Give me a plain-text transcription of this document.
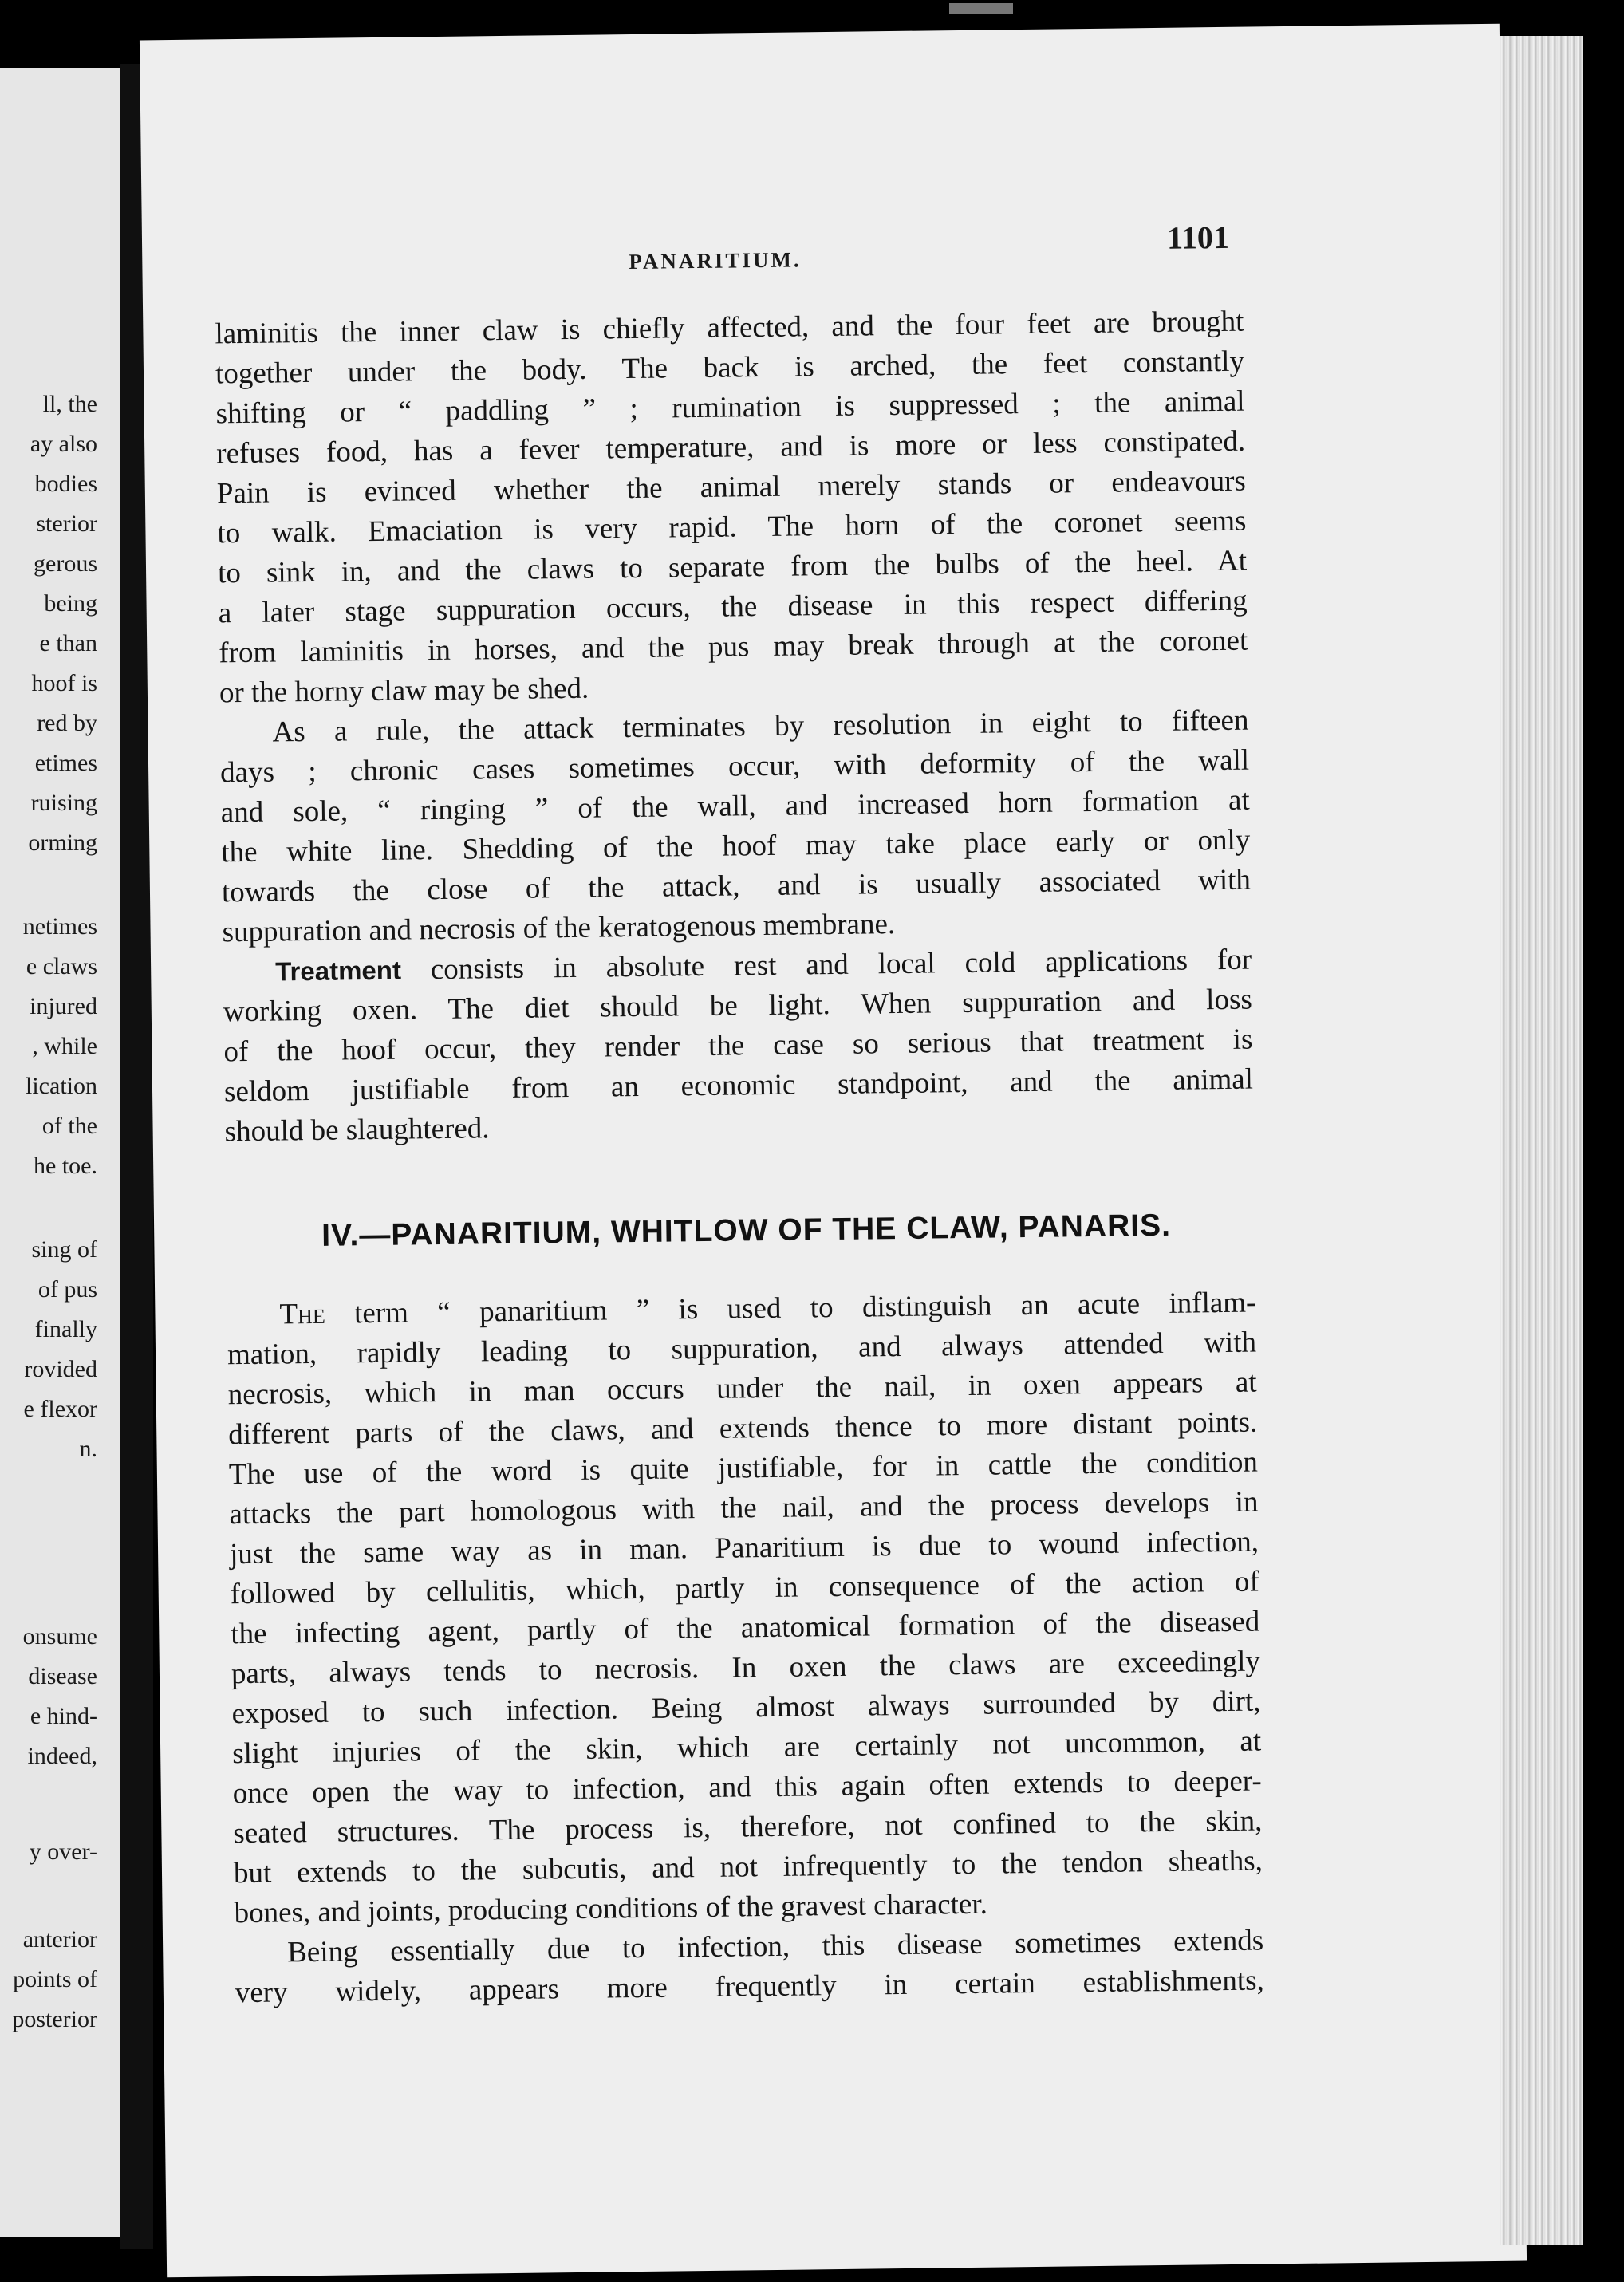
ll, the
ay also
bodies
sterior
gerous
being
e than
hoof is
red by
etimes
ruising
orming
netimes
e claws
injured
, while
lication
of the
he toe.
sing of
of pus
finally
rovided
e flexor
n.
onsume
disease
e hind-
indeed,
y over-
anterior
points of
posterior
PANARITIUM.
1101
laminitis the inner claw is chiefly affected, and the four feet are brought
together under the body. The back is arched, the feet constantly
shifting or “ paddling ” ; rumination is suppressed ; the animal
refuses food, has a fever temperature, and is more or less constipated.
Pain is evinced whether the animal merely stands or endeavours
to walk. Emaciation is very rapid. The horn of the coronet seems
to sink in, and the claws to separate from the bulbs of the heel. At
a later stage suppuration occurs, the disease in this respect differing
from laminitis in horses, and the pus may break through at the coronet
or the horny claw may be shed.
As a rule, the attack terminates by resolution in eight to fifteen
days ; chronic cases sometimes occur, with deformity of the wall
and sole, “ ringing ” of the wall, and increased horn formation at
the white line. Shedding of the hoof may take place early or only
towards the close of the attack, and is usually associated with
suppuration and necrosis of the keratogenous membrane.
Treatment consists in absolute rest and local cold applications for
working oxen. The diet should be light. When suppuration and loss
of the hoof occur, they render the case so serious that treatment is
seldom justifiable from an economic standpoint, and the animal
should be slaughtered.
IV.—PANARITIUM, WHITLOW OF THE CLAW, PANARIS.
The term “ panaritium ” is used to distinguish an acute inflam-
mation, rapidly leading to suppuration, and always attended with
necrosis, which in man occurs under the nail, in oxen appears at
different parts of the claws, and extends thence to more distant points.
The use of the word is quite justifiable, for in cattle the condition
attacks the part homologous with the nail, and the process develops in
just the same way as in man. Panaritium is due to wound infection,
followed by cellulitis, which, partly in consequence of the action of
the infecting agent, partly of the anatomical formation of the diseased
parts, always tends to necrosis. In oxen the claws are exceedingly
exposed to such infection. Being almost always surrounded by dirt,
slight injuries of the skin, which are certainly not uncommon, at
once open the way to infection, and this again often extends to deeper-
seated structures. The process is, therefore, not confined to the skin,
but extends to the subcutis, and not infrequently to the tendon sheaths,
bones, and joints, producing conditions of the gravest character.
Being essentially due to infection, this disease sometimes extends
very widely, appears more frequently in certain establishments,
